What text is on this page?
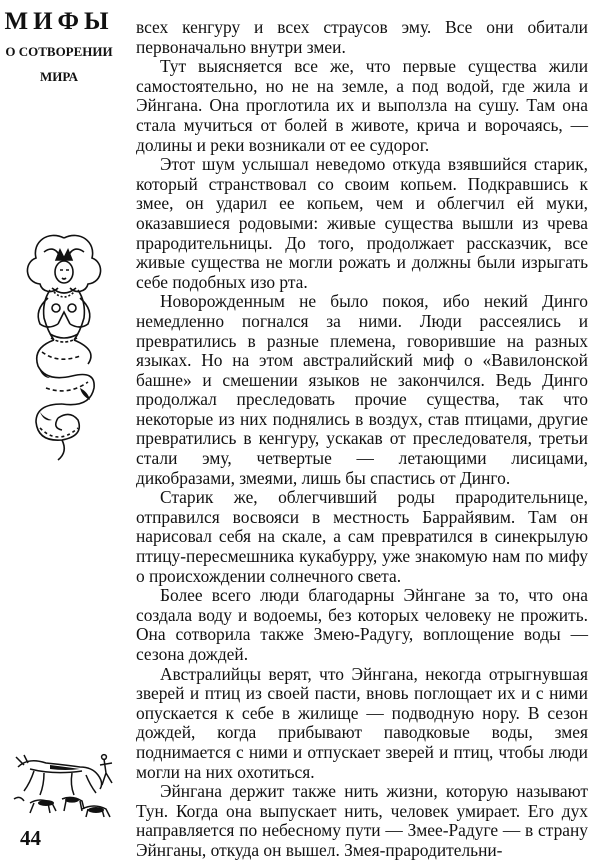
МИФЫ
О СОТВОРЕНИИ
МИРА
44

всех кенгуру и всех страусов эму. Все они обитали первоначально внутри змеи.

Тут выясняется все же, что первые существа жили самостоятельно, но не на земле, а под водой, где жила и Эйнгана. Она проглотила их и выползла на сушу. Там она стала мучиться от болей в животе, крича и ворочаясь, — долины и реки возникали от ее судорог.

Этот шум услышал неведомо откуда взявшийся старик, который странствовал со своим копьем. Подкравшись к змее, он ударил ее копьем, чем и облегчил ей муки, оказавшиеся родовыми: живые существа вышли из чрева прародительницы. До того, продолжает рассказчик, все живые существа не могли рожать и должны были изрыгать себе подобных изо рта.

Новорожденным не было покоя, ибо некий Динго немедленно погнался за ними. Люди рассеялись и превратились в разные племена, говорившие на разных языках. Но на этом австралийский миф о «Вавилонской башне» и смешении языков не закончился. Ведь Динго продолжал преследовать прочие существа, так что некоторые из них поднялись в воздух, став птицами, другие превратились в кенгуру, ускакав от преследователя, третьи стали эму, четвертые — летающими лисицами, дикобразами, змеями, лишь бы спастись от Динго.

Старик же, облегчивший роды прародительнице, отправился восвояси в местность Баррайявим. Там он нарисовал себя на скале, а сам превратился в синекрылую птицу-пересмешника кукабурру, уже знакомую нам по мифу о происхождении солнечного света.

Более всего люди благодарны Эйнгане за то, что она создала воду и водоемы, без которых человеку не прожить. Она сотворила также Змею-Радугу, воплощение воды — сезона дождей.

Австралийцы верят, что Эйнгана, некогда отрыгнувшая зверей и птиц из своей пасти, вновь поглощает их и с ними опускается к себе в жилище — подводную нору. В сезон дождей, когда прибывают паводковые воды, змея поднимается с ними и отпускает зверей и птиц, чтобы люди могли на них охотиться.

Эйнгана держит также нить жизни, которую называют Тун. Когда она выпускает нить, человек умирает. Его дух направляется по небесному пути — Змее-Радуге — в страну Эйнганы, откуда он вышел. Змея-прародительни-
